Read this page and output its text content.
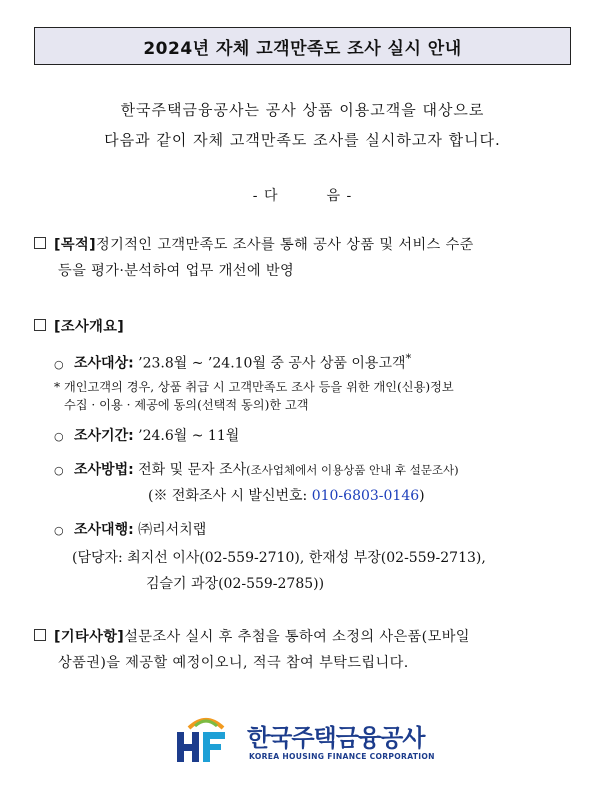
2024년 자체 고객만족도 조사 실시 안내
한국주택금융공사는 공사 상품 이용고객을 대상으로
다음과 같이 자체 고객만족도 조사를 실시하고자 합니다.
- 다	음 -
[목적] 정기적인 고객만족도 조사를 통해 공사 상품 및 서비스 수준
등을 평가·분석하여 업무 개선에 반영
[조사개요]
○ 조사대상: ’23.8월 ~ ’24.10월 중 공사 상품 이용고객*
* 개인고객의 경우, 상품 취급 시 고객만족도 조사 등을 위한 개인(신용)정보
수집 · 이용 · 제공에 동의(선택적 동의)한 고객
○ 조사기간: ’24.6월 ~ 11월
○ 조사방법: 전화 및 문자 조사(조사업체에서 이용상품 안내 후 설문조사)
(※ 전화조사 시 발신번호: 010-6803-0146)
○ 조사대행: ㈜리서치랩
(담당자: 최지선 이사(02-559-2710), 한재성 부장(02-559-2713),
김슬기 과장(02-559-2785))
[기타사항] 설문조사 실시 후 추첨을 통하여 소정의 사은품(모바일
상품권)을 제공할 예정이오니, 적극 참여 부탁드립니다.
한국주택금융공사
KOREA HOUSING FINANCE CORPORATION
